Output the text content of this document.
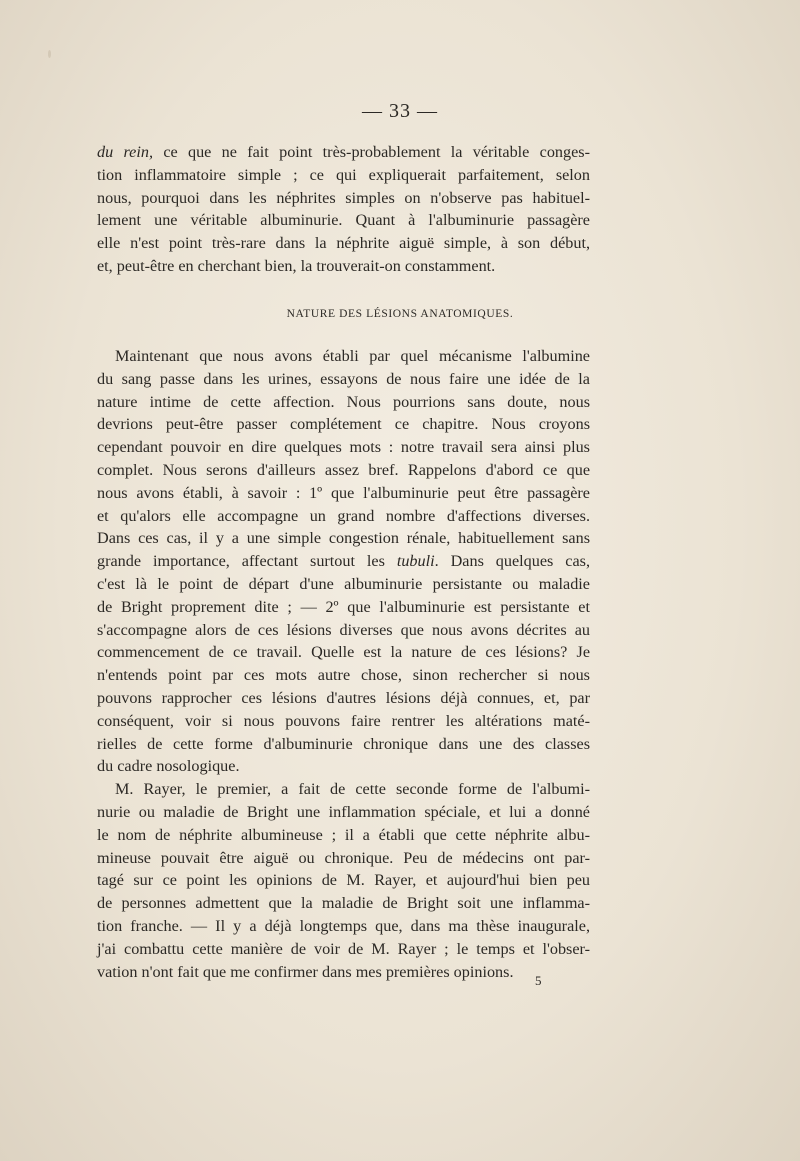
— 33 —
du rein, ce que ne fait point très-probablement la véritable conges-
tion inflammatoire simple ; ce qui expliquerait parfaitement, selon
nous, pourquoi dans les néphrites simples on n'observe pas habituel-
lement une véritable albuminurie. Quant à l'albuminurie passagère
elle n'est point très-rare dans la néphrite aiguë simple, à son début,
et, peut-être en cherchant bien, la trouverait-on constamment.
NATURE DES LÉSIONS ANATOMIQUES.
Maintenant que nous avons établi par quel mécanisme l'albumine
du sang passe dans les urines, essayons de nous faire une idée de la
nature intime de cette affection. Nous pourrions sans doute, nous
devrions peut-être passer complétement ce chapitre. Nous croyons
cependant pouvoir en dire quelques mots : notre travail sera ainsi plus
complet. Nous serons d'ailleurs assez bref. Rappelons d'abord ce que
nous avons établi, à savoir : 1º que l'albuminurie peut être passagère
et qu'alors elle accompagne un grand nombre d'affections diverses.
Dans ces cas, il y a une simple congestion rénale, habituellement sans
grande importance, affectant surtout les tubuli. Dans quelques cas,
c'est là le point de départ d'une albuminurie persistante ou maladie
de Bright proprement dite ; — 2º que l'albuminurie est persistante et
s'accompagne alors de ces lésions diverses que nous avons décrites au
commencement de ce travail. Quelle est la nature de ces lésions? Je
n'entends point par ces mots autre chose, sinon rechercher si nous
pouvons rapprocher ces lésions d'autres lésions déjà connues, et, par
conséquent, voir si nous pouvons faire rentrer les altérations maté-
rielles de cette forme d'albuminurie chronique dans une des classes
du cadre nosologique.
M. Rayer, le premier, a fait de cette seconde forme de l'albumi-
nurie ou maladie de Bright une inflammation spéciale, et lui a donné
le nom de néphrite albumineuse ; il a établi que cette néphrite albu-
mineuse pouvait être aiguë ou chronique. Peu de médecins ont par-
tagé sur ce point les opinions de M. Rayer, et aujourd'hui bien peu
de personnes admettent que la maladie de Bright soit une inflamma-
tion franche. — Il y a déjà longtemps que, dans ma thèse inaugurale,
j'ai combattu cette manière de voir de M. Rayer ; le temps et l'obser-
vation n'ont fait que me confirmer dans mes premières opinions.	5
